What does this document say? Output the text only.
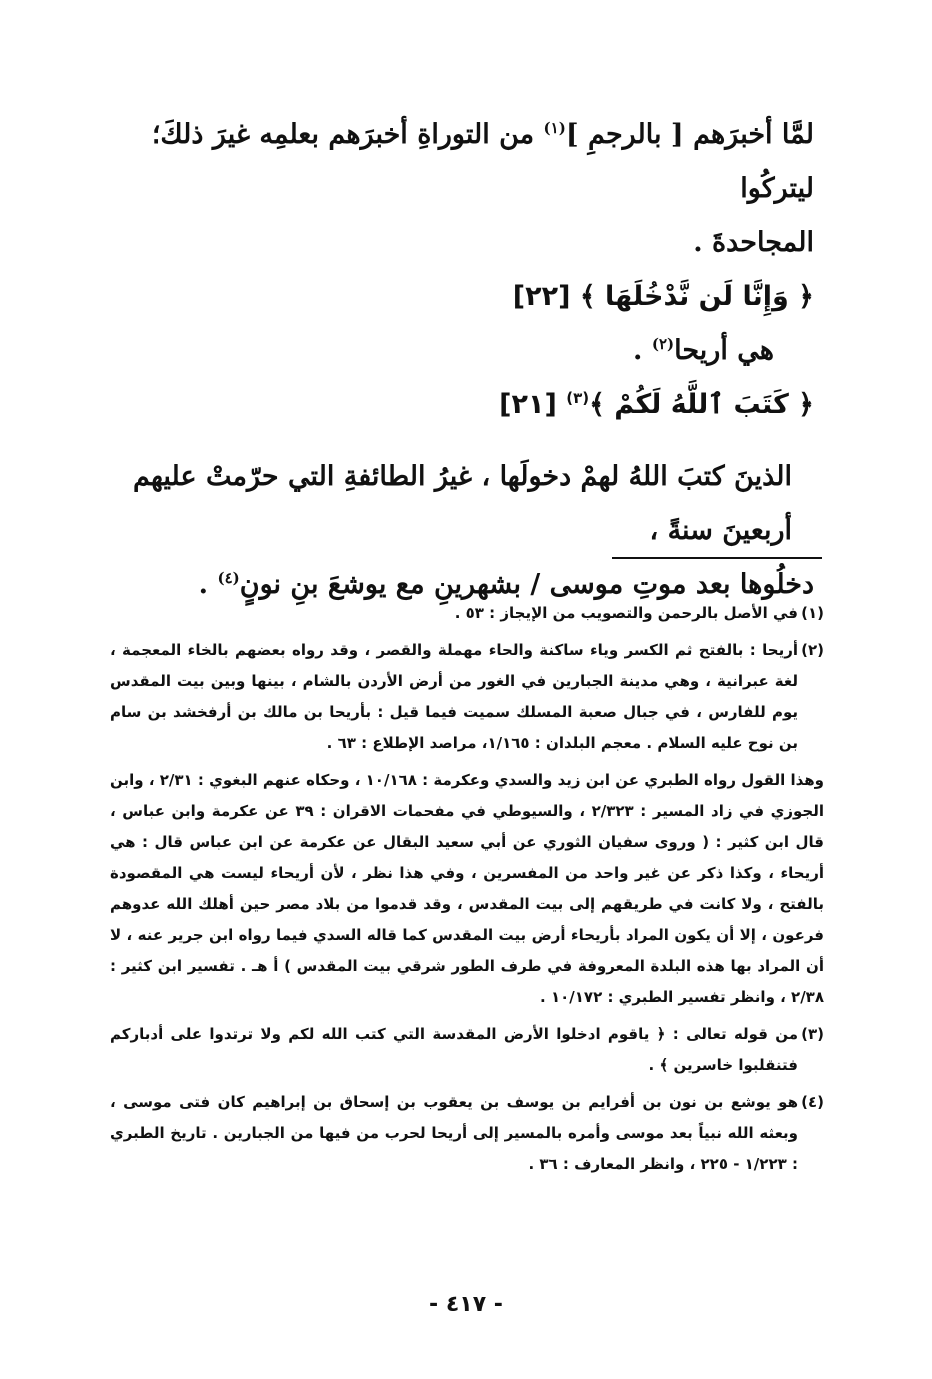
لمَّا أخبرَهم [ بالرجمِ ]$^{(١)}$ من التوراةِ أخبرَهم بعلمِه غيرَ ذلكَ؛ ليتركُوا

المجاحدةَ .

﴿ وَإِنَّا لَن نَّدْخُلَهَا ﴾ [٢٢]

هي أريحا$^{(٢)}$ .

﴿ كَتَبَ ٱللَّهُ لَكُمْ ﴾$^{(٣)}$ [٢١]

الذينَ كتبَ اللهُ لهمْ دخولَها ، غيرُ الطائفةِ التي حرّمتْ عليهم أربعينَ سنةً ،

دخلُوها بعد موتِ موسى / بشهرينِ مع يوشعَ بنِ نونٍ$^{(٤)}$ .

(١)
في الأصل بالرحمن والتصويب من الإيجاز : ٥٣ .
(٢)
أريحا : بالفتح ثم الكسر وياء ساكنة والحاء مهملة والقصر ، وقد رواه بعضهم بالخاء المعجمة ، لغة عبرانية ، وهي مدينة الجبارين في الغور من أرض الأردن بالشام ، بينها وبين بيت المقدس يوم للفارس ، في جبال صعبة المسلك سميت فيما قيل : بأريحا بن مالك بن أرفخشد بن سام بن نوح عليه السلام . معجم البلدان : ١/١٦٥، مراصد الإطلاع : ٦٣ .
وهذا القول رواه الطبري عن ابن زيد والسدي وعكرمة : ١٠/١٦٨ ، وحكاه عنهم البغوي : ٢/٣١ ، وابن الجوزي في زاد المسير : ٢/٣٢٣ ، والسيوطي في مفحمات الاقران : ٣٩ عن عكرمة وابن عباس ، قال ابن كثير : ( وروى سفيان الثوري عن أبي سعيد البقال عن عكرمة عن ابن عباس قال : هي أريحاء ، وكذا ذكر عن غير واحد من المفسرين ، وفي هذا نظر ، لأن أريحاء ليست هي المقصودة بالفتح ، ولا كانت في طريقهم إلى بيت المقدس ، وقد قدموا من بلاد مصر حين أهلك الله عدوهم فرعون ، إلا أن يكون المراد بأريحاء أرض بيت المقدس كما قاله السدي فيما رواه ابن جرير عنه ، لا أن المراد بها هذه البلدة المعروفة في طرف الطور شرقي بيت المقدس ) أ هـ . تفسير ابن كثير : ٢/٣٨ ، وانظر تفسير الطبري : ١٠/١٧٢ .
(٣)
من قوله تعالى : ﴿ ياقوم ادخلوا الأرض المقدسة التي كتب الله لكم ولا ترتدوا على أدباركم فتنقلبوا خاسرين ﴾ .
(٤)
هو يوشع بن نون بن أفرايم بن يوسف بن يعقوب بن إسحاق بن إبراهيم كان فتى موسى ، وبعثه الله نبياً بعد موسى وأمره بالمسير إلى أريحا لحرب من فيها من الجبارين . تاريخ الطبري : ١/٢٢٣ - ٢٢٥ ، وانظر المعارف : ٣٦ .
- ٤١٧ -
